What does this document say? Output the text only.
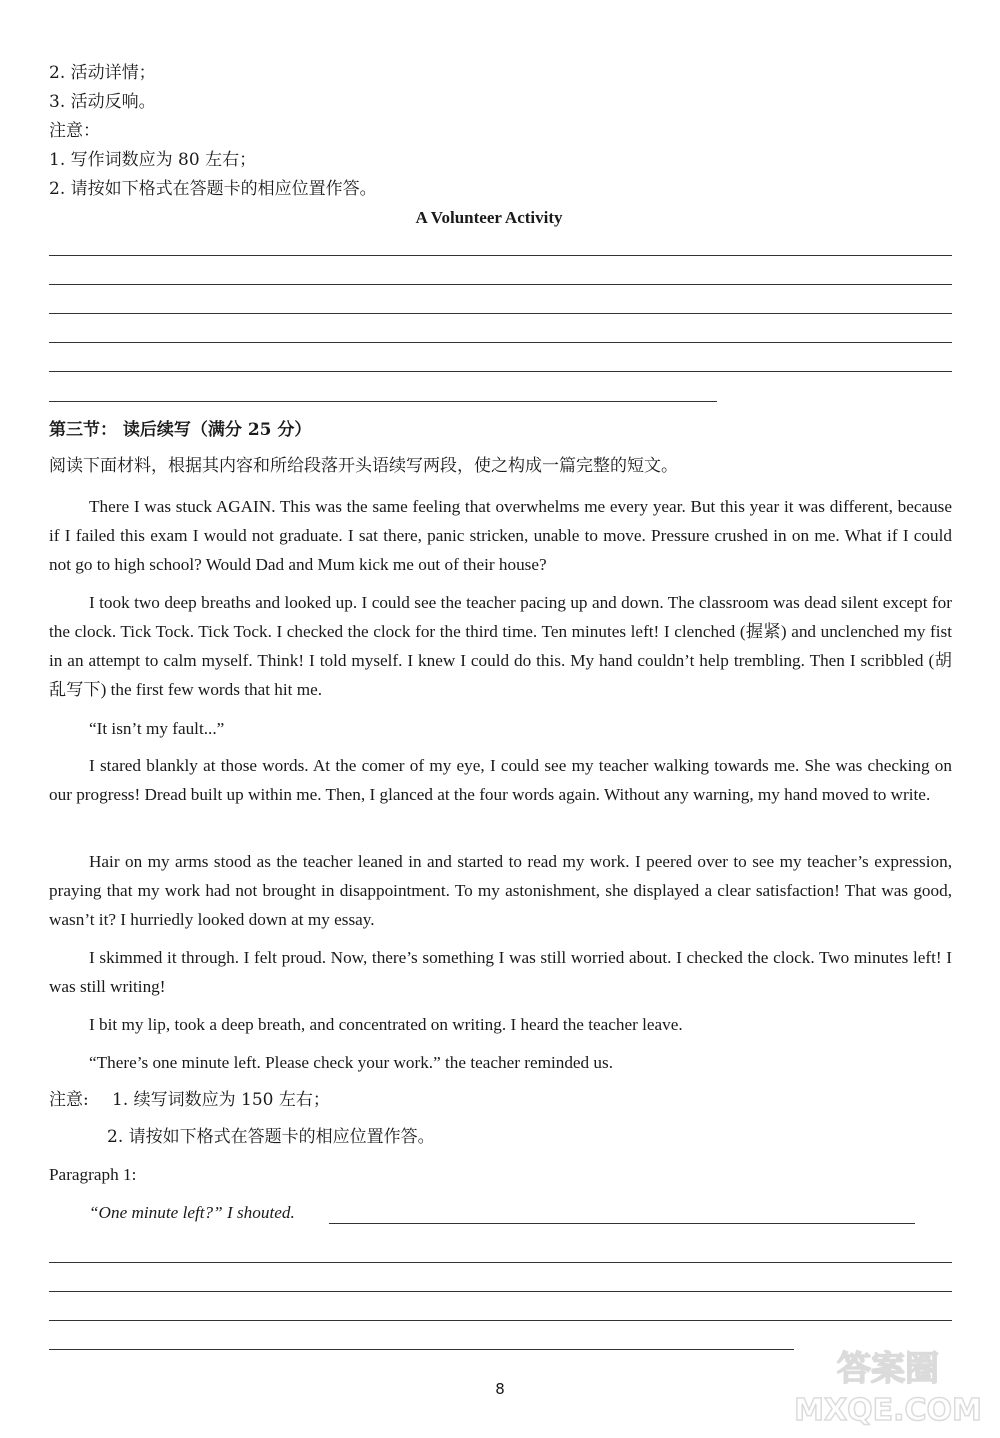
2. 活动详情；
3. 活动反响。
注意：
1. 写作词数应为 80 左右；
2. 请按如下格式在答题卡的相应位置作答。
A Volunteer Activity
第三节： 读后续写（满分 25 分）
阅读下面材料，根据其内容和所给段落开头语续写两段，使之构成一篇完整的短文。

There I was stuck AGAIN. This was the same feeling that overwhelms me every year. But this year it was different, because if I failed this exam I would not graduate. I sat there, panic stricken, unable to move. Pressure crushed in on me. What if I could not go to high school? Would Dad and Mum kick me out of their house?

I took two deep breaths and looked up. I could see the teacher pacing up and down. The classroom was dead silent except for the clock. Tick Tock. Tick Tock. I checked the clock for the third time. Ten minutes left! I clenched (握紧) and unclenched my fist in an attempt to calm myself. Think! I told myself. I knew I could do this. My hand couldn’t help trembling. Then I scribbled (胡乱写下) the first few words that hit me.

“It isn’t my fault...”

I stared blankly at those words. At the comer of my eye, I could see my teacher walking towards me. She was checking on our progress! Dread built up within me. Then, I glanced at the four words again. Without any warning, my hand moved to write.

Hair on my arms stood as the teacher leaned in and started to read my work. I peered over to see my teacher’s expression, praying that my work had not brought in disappointment. To my astonishment, she displayed a clear satisfaction! That was good, wasn’t it? I hurriedly looked down at my essay.

I skimmed it through. I felt proud. Now, there’s something I was still worried about. I checked the clock. Two minutes left! I was still writing!

I bit my lip, took a deep breath, and concentrated on writing. I heard the teacher leave.

“There’s one minute left. Please check your work.” the teacher reminded us.

注意: 1. 续写词数应为 150 左右；
2. 请按如下格式在答题卡的相应位置作答。
Paragraph 1:
“One minute left?” I shouted.
8	答案圈
MXQE.COM
